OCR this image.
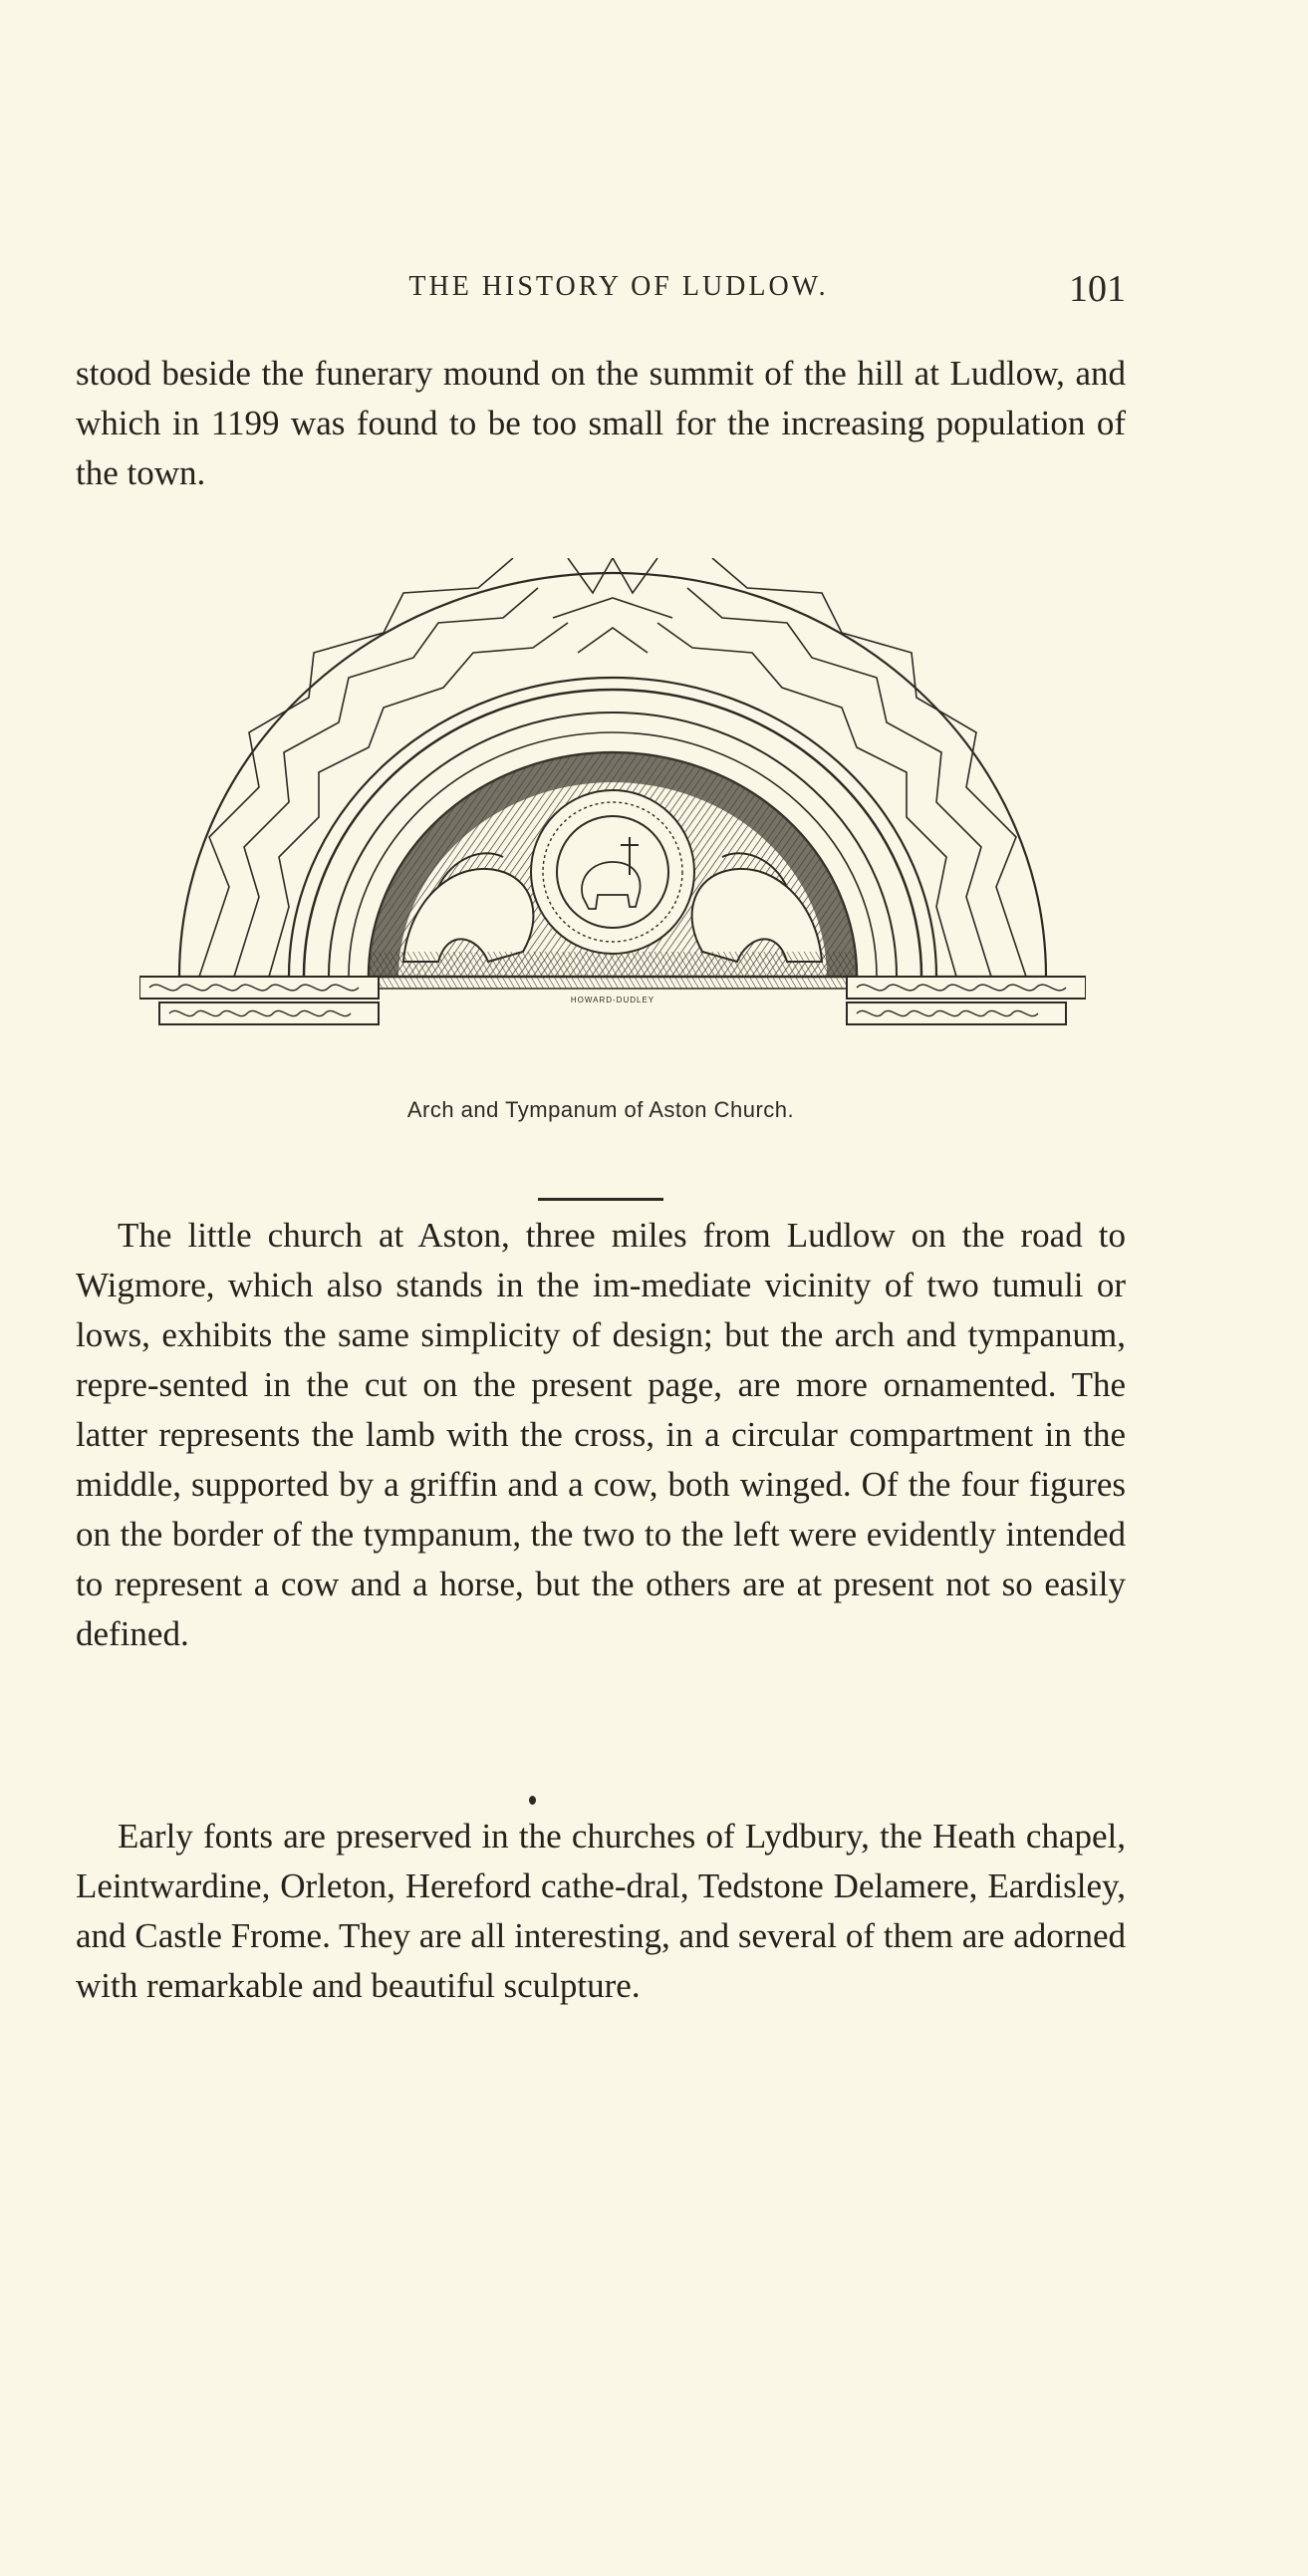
THE HISTORY OF LUDLOW.	101

stood beside the funerary mound on the summit of the hill at Ludlow, and which in 1199 was found to be too small for the increasing population of the town.

HOWARD-DUDLEY
Arch and Tympanum of Aston Church.

The little church at Aston, three miles from Ludlow on the road to Wigmore, which also stands in the im-mediate vicinity of two tumuli or lows, exhibits the same simplicity of design; but the arch and tympanum, repre-sented in the cut on the present page, are more ornamented. The latter represents the lamb with the cross, in a circular compartment in the middle, supported by a griffin and a cow, both winged. Of the four figures on the border of the tympanum, the two to the left were evidently intended to represent a cow and a horse, but the others are at present not so easily defined.

Early fonts are preserved in the churches of Lydbury, the Heath chapel, Leintwardine, Orleton, Hereford cathe-dral, Tedstone Delamere, Eardisley, and Castle Frome. They are all interesting, and several of them are adorned with remarkable and beautiful sculpture.
